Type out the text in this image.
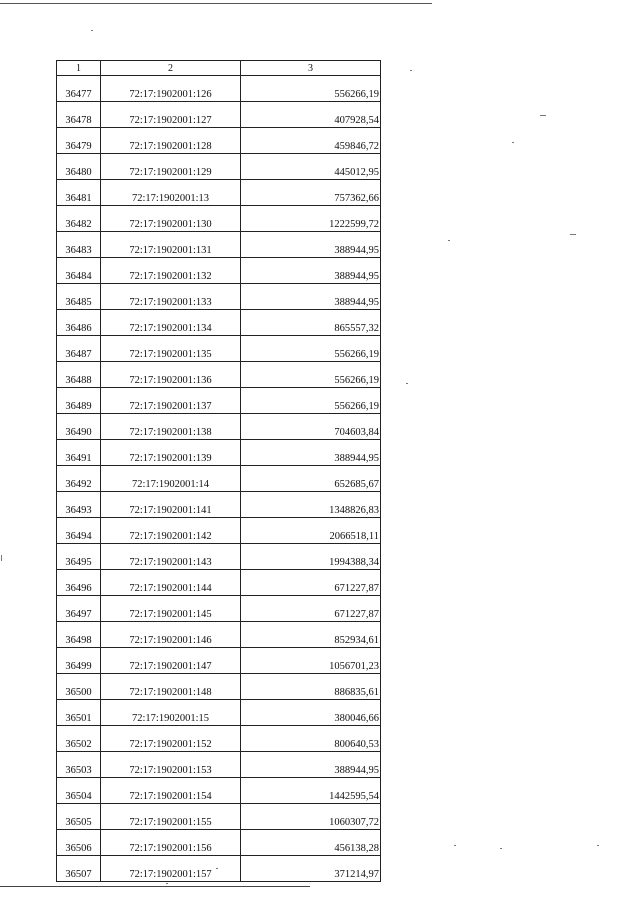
1	2	3
36477	72:17:1902001:126	556266,19
36478	72:17:1902001:127	407928,54
36479	72:17:1902001:128	459846,72
36480	72:17:1902001:129	445012,95
36481	72:17:1902001:13	757362,66
36482	72:17:1902001:130	1222599,72
36483	72:17:1902001:131	388944,95
36484	72:17:1902001:132	388944,95
36485	72:17:1902001:133	388944,95
36486	72:17:1902001:134	865557,32
36487	72:17:1902001:135	556266,19
36488	72:17:1902001:136	556266,19
36489	72:17:1902001:137	556266,19
36490	72:17:1902001:138	704603,84
36491	72:17:1902001:139	388944,95
36492	72:17:1902001:14	652685,67
36493	72:17:1902001:141	1348826,83
36494	72:17:1902001:142	2066518,11
36495	72:17:1902001:143	1994388,34
36496	72:17:1902001:144	671227,87
36497	72:17:1902001:145	671227,87
36498	72:17:1902001:146	852934,61
36499	72:17:1902001:147	1056701,23
36500	72:17:1902001:148	886835,61
36501	72:17:1902001:15	380046,66
36502	72:17:1902001:152	800640,53
36503	72:17:1902001:153	388944,95
36504	72:17:1902001:154	1442595,54
36505	72:17:1902001:155	1060307,72
36506	72:17:1902001:156	456138,28
36507	72:17:1902001:157	371214,97
